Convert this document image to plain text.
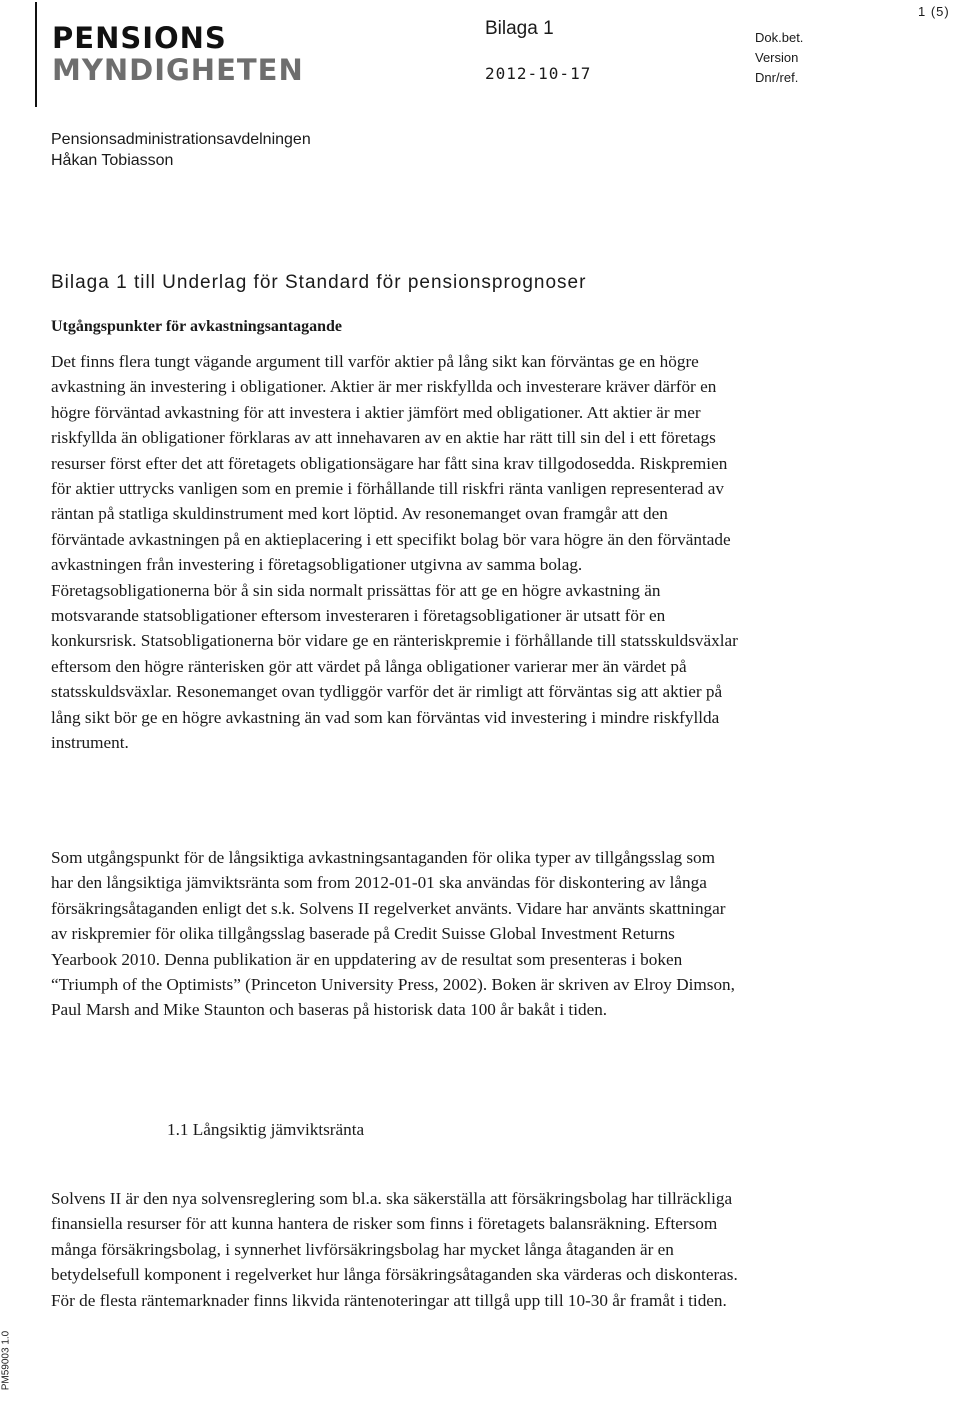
PENSIONS
MYNDIGHETEN
Bilaga 1
2012-10-17
Dok.bet.
Version
Dnr/ref.
1 (5)
Pensionsadministrationsavdelningen
Håkan Tobiasson
Bilaga 1 till Underlag för Standard för pensionsprognoser
Utgångspunkter för avkastningsantagande

Det finns flera tungt vägande argument till varför aktier på lång sikt kan förväntas ge en högre avkastning än investering i obligationer. Aktier är mer riskfyllda och investerare kräver därför en högre förväntad avkastning för att investera i aktier jämfört med obligationer. Att aktier är mer riskfyllda än obligationer förklaras av att innehavaren av en aktie har rätt till sin del i ett företags resurser först efter det att företagets obligationsägare har fått sina krav tillgodosedda. Riskpremien för aktier uttrycks vanligen som en premie i förhållande till riskfri ränta vanligen representerad av räntan på statliga skuldinstrument med kort löptid. Av resonemanget ovan framgår att den förväntade avkastningen på en aktieplacering i ett specifikt bolag bör vara högre än den förväntade avkastningen från investering i företagsobligationer utgivna av samma bolag. Företagsobligationerna bör å sin sida normalt prissättas för att ge en högre avkastning än motsvarande statsobligationer eftersom investeraren i företagsobligationer är utsatt för en konkursrisk. Statsobligationerna bör vidare ge en ränteriskpremie i förhållande till statsskuldsväxlar eftersom den högre ränterisken gör att värdet på långa obligationer varierar mer än värdet på statsskuldsväxlar. Resonemanget ovan tydliggör varför det är rimligt att förväntas sig att aktier på lång sikt bör ge en högre avkastning än vad som kan förväntas vid investering i mindre riskfyllda instrument.

Som utgångspunkt för de långsiktiga avkastningsantaganden för olika typer av tillgångsslag som har den långsiktiga jämviktsränta som from 2012-01-01 ska användas för diskontering av långa försäkringsåtaganden enligt det s.k. Solvens II regelverket använts. Vidare har använts skattningar av riskpremier för olika tillgångsslag baserade på Credit Suisse Global Investment Returns Yearbook 2010. Denna publikation är en uppdatering av de resultat som presenteras i boken “Triumph of the Optimists” (Princeton University Press, 2002). Boken är skriven av Elroy Dimson, Paul Marsh and Mike Staunton och baseras på historisk data 100 år bakåt i tiden.

1.1 Långsiktig jämviktsränta

Solvens II är den nya solvensreglering som bl.a. ska säkerställa att försäkringsbolag har tillräckliga finansiella resurser för att kunna hantera de risker som finns i företagets balansräkning. Eftersom många försäkringsbolag, i synnerhet livförsäkringsbolag har mycket långa åtaganden är en betydelsefull komponent i regelverket hur långa försäkringsåtaganden ska värderas och diskonteras. För de flesta räntemarknader finns likvida räntenoteringar att tillgå upp till 10-30 år framåt i tiden.

PM59003 1.0
